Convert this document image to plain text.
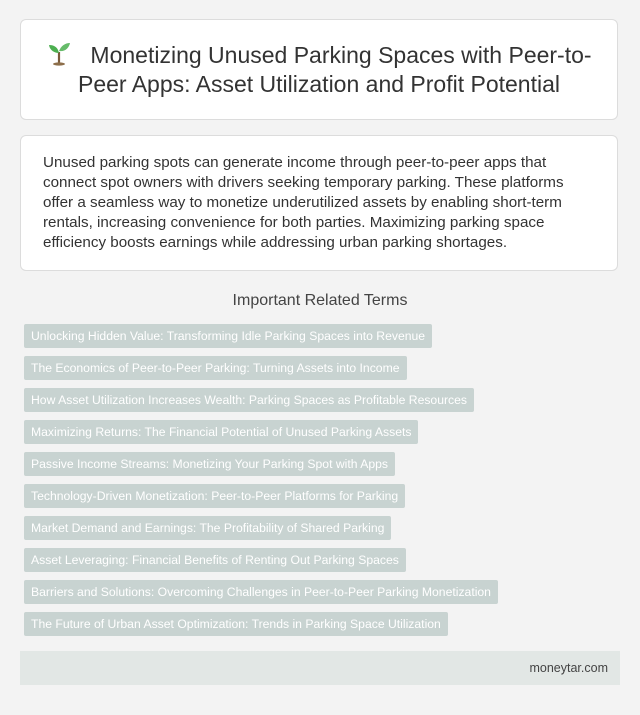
Monetizing Unused Parking Spaces with Peer-to-Peer Apps: Asset Utilization and Profit Potential

Unused parking spots can generate income through peer-to-peer apps that connect spot owners with drivers seeking temporary parking. These platforms offer a seamless way to monetize underutilized assets by enabling short-term rentals, increasing convenience for both parties. Maximizing parking space efficiency boosts earnings while addressing urban parking shortages.

Important Related Terms
Unlocking Hidden Value: Transforming Idle Parking Spaces into Revenue
The Economics of Peer-to-Peer Parking: Turning Assets into Income
How Asset Utilization Increases Wealth: Parking Spaces as Profitable Resources
Maximizing Returns: The Financial Potential of Unused Parking Assets
Passive Income Streams: Monetizing Your Parking Spot with Apps
Technology-Driven Monetization: Peer-to-Peer Platforms for Parking
Market Demand and Earnings: The Profitability of Shared Parking
Asset Leveraging: Financial Benefits of Renting Out Parking Spaces
Barriers and Solutions: Overcoming Challenges in Peer-to-Peer Parking Monetization
The Future of Urban Asset Optimization: Trends in Parking Space Utilization
moneytar.com
